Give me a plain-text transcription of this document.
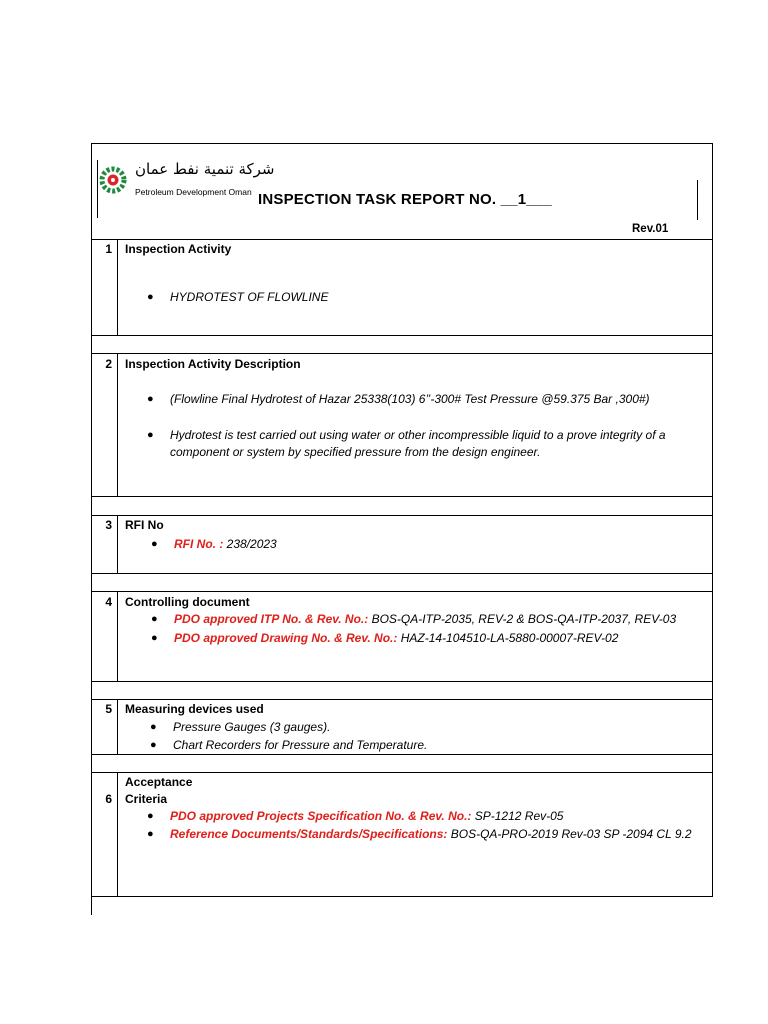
شركة تنمية نفط عمان
Petroleum Development Oman INSPECTION TASK REPORT NO. __1___
Rev.01
1 Inspection Activity
● HYDROTEST OF FLOWLINE
2 Inspection Activity Description
● (Flowline Final Hydrotest of Hazar 25338(103) 6’’-300# Test Pressure @59.375 Bar ,300#)
● Hydrotest is test carried out using water or other incompressible liquid to a prove integrity of a
component or system by specified pressure from the design engineer.
3 RFI No
● RFI No. : 238/2023
4 Controlling document
● PDO approved ITP No. & Rev. No.: BOS-QA-ITP-2035, REV-2 & BOS-QA-ITP-2037, REV-03
● PDO approved Drawing No. & Rev. No.: HAZ-14-104510-LA-5880-00007-REV-02
5 Measuring devices used
● Pressure Gauges (3 gauges).
● Chart Recorders for Pressure and Temperature.
6
Acceptance
Criteria
● PDO approved Projects Specification No. & Rev. No.: SP-1212 Rev-05
● Reference Documents/Standards/Specifications: BOS-QA-PRO-2019 Rev-03 SP -2094 CL 9.2
